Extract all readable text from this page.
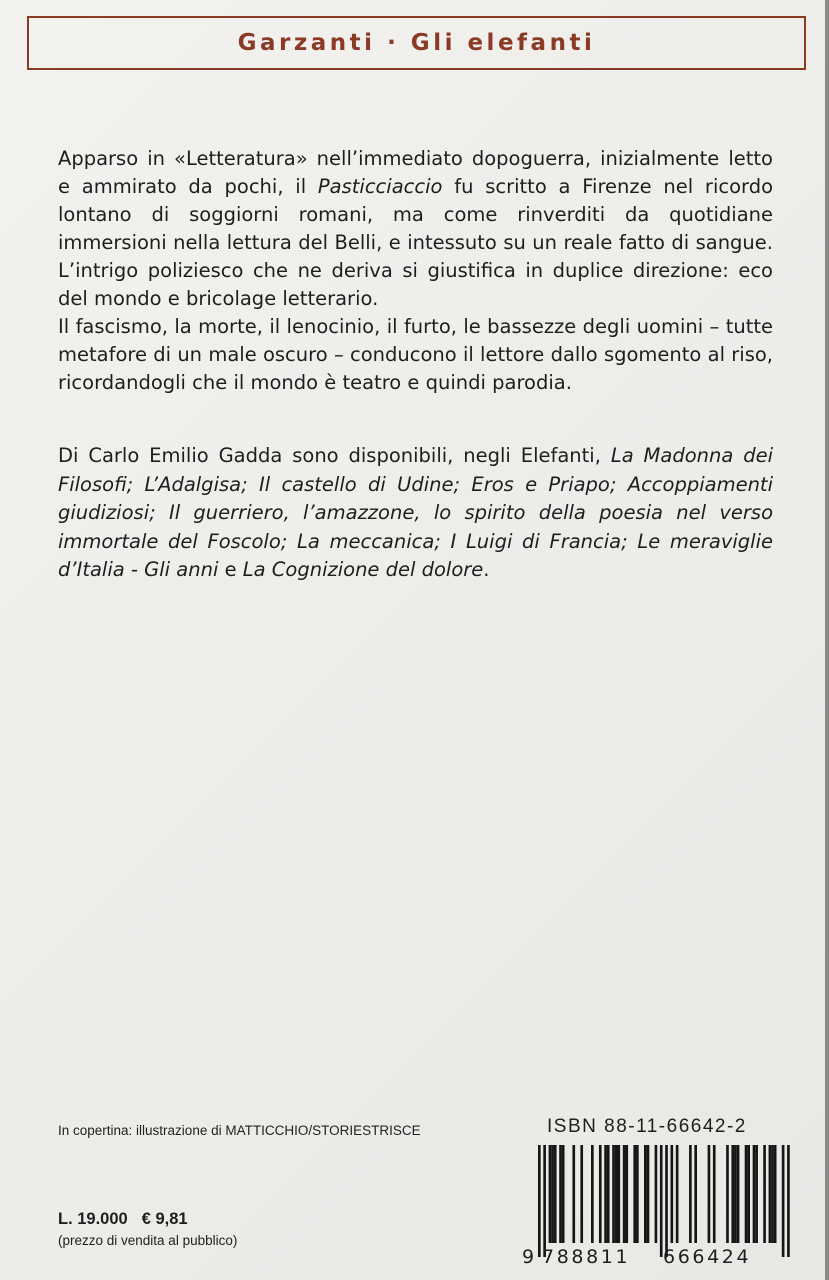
Garzanti · Gli elefanti

Apparso in «Letteratura» nell’immediato dopoguerra, inizialmente letto e ammirato da pochi, il Pasticciaccio fu scritto a Firenze nel ricordo lontano di soggiorni romani, ma come rinverditi da quotidiane immersioni nella lettura del Belli, e intessuto su un reale fatto di sangue. L’intrigo poliziesco che ne deriva si giustifica in duplice direzione: eco del mondo e bricolage letterario.

Il fascismo, la morte, il lenocinio, il furto, le bassezze degli uomini – tutte metafore di un male oscuro – conducono il lettore dallo sgomento al riso, ricordandogli che il mondo è teatro e quindi parodia.

Di Carlo Emilio Gadda sono disponibili, negli Elefanti, La Madonna dei Filosofi; L’Adalgisa; Il castello di Udine; Eros e Priapo; Accoppiamenti giudiziosi; Il guerriero, l’amazzone, lo spirito della poesia nel verso immortale del Foscolo; La meccanica; I Luigi di Francia; Le meraviglie d’Italia - Gli anni e La Cognizione del dolore.
In copertina: illustrazione di MATTICCHIO/STORIESTRISCE	ISBN 88-11-66642-2
9 788811 666424
L. 19.000 € 9,81
(prezzo di vendita al pubblico)
